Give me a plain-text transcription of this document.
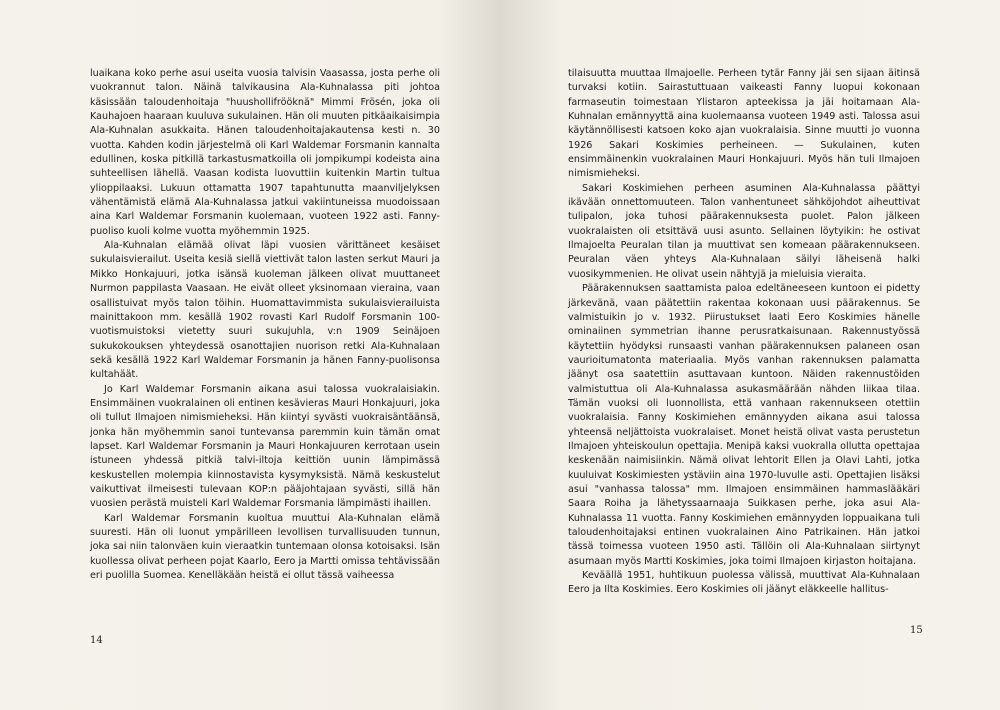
luaikana koko perhe asui useita vuosia talvisin Vaasassa, josta perhe oli vuokrannut talon. Näinä talvikausina Ala-Kuhnalassa piti johtoa käsissään taloudenhoitaja "huushollifrööknä" Mimmi Frösén, joka oli Kauhajoen haaraan kuuluva sukulainen. Hän oli muuten pitkäaikaisimpia Ala-Kuhnalan asukkaita. Hänen taloudenhoitajakautensa kesti n. 30 vuotta. Kahden kodin järjestelmä oli Karl Waldemar Forsmanin kannalta edullinen, koska pitkillä tarkastusmatkoilla oli jompikumpi kodeista aina suhteellisen lähellä. Vaasan kodista luovuttiin kuitenkin Martin tultua ylioppilaaksi. Lukuun ottamatta 1907 tapahtunutta maanviljelyksen vähentämistä elämä Ala-Kuhnalassa jatkui vakiintuneissa muodoissaan aina Karl Waldemar Forsmanin kuolemaan, vuoteen 1922 asti. Fanny-puoliso kuoli kolme vuotta myöhemmin 1925.

Ala-Kuhnalan elämää olivat läpi vuosien värittäneet kesäiset sukulaisvierailut. Useita kesiä siellä viettivät talon lasten serkut Mauri ja Mikko Honkajuuri, jotka isänsä kuoleman jälkeen olivat muuttaneet Nurmon pappilasta Vaasaan. He eivät olleet yksinomaan vieraina, vaan osallistuivat myös talon töihin. Huomattavimmista sukulaisvierailuista mainittakoon mm. kesällä 1902 rovasti Karl Rudolf Forsmanin 100-vuotismuistoksi vietetty suuri sukujuhla, v:n 1909 Seinäjoen sukukokouksen yhteydessä osanottajien nuorison retki Ala-Kuhnalaan sekä kesällä 1922 Karl Waldemar Forsmanin ja hänen Fanny-puolisonsa kultahäät.

Jo Karl Waldemar Forsmanin aikana asui talossa vuokralaisiakin. Ensimmäinen vuokralainen oli entinen kesävieras Mauri Honkajuuri, joka oli tullut Ilmajoen nimismieheksi. Hän kiintyi syvästi vuokraisäntäänsä, jonka hän myöhemmin sanoi tuntevansa paremmin kuin tämän omat lapset. Karl Waldemar Forsmanin ja Mauri Honkajuuren kerrotaan usein istuneen yhdessä pitkiä talvi-iltoja keittiön uunin lämpimässä keskustellen molempia kiinnostavista kysymyksistä. Nämä keskustelut vaikuttivat ilmeisesti tulevaan KOP:n pääjohtajaan syvästi, sillä hän vuosien perästä muisteli Karl Waldemar Forsmania lämpimästi ihaillen.

Karl Waldemar Forsmanin kuoltua muuttui Ala-Kuhnalan elämä suuresti. Hän oli luonut ympärilleen levollisen turvallisuuden tunnun, joka sai niin talonväen kuin vieraatkin tuntemaan olonsa kotoisaksi. Isän kuollessa olivat perheen pojat Kaarlo, Eero ja Martti omissa tehtävissään eri puolilla Suomea. Kenelläkään heistä ei ollut tässä vaiheessa

14

tilaisuutta muuttaa Ilmajoelle. Perheen tytär Fanny jäi sen sijaan äitinsä turvaksi kotiin. Sairastuttuaan vaikeasti Fanny luopui kokonaan farmaseutin toimestaan Ylistaron apteekissa ja jäi hoitamaan Ala-Kuhnalan emännyyttä aina kuolemaansa vuoteen 1949 asti. Talossa asui käytännöllisesti katsoen koko ajan vuokralaisia. Sinne muutti jo vuonna 1926 Sakari Koskimies perheineen. — Sukulainen, kuten ensimmäinenkin vuokralainen Mauri Honkajuuri. Myös hän tuli Ilmajoen nimismieheksi.

Sakari Koskimiehen perheen asuminen Ala-Kuhnalassa päättyi ikävään onnettomuuteen. Talon vanhentuneet sähköjohdot aiheuttivat tulipalon, joka tuhosi päärakennuksesta puolet. Palon jälkeen vuokralaisten oli etsittävä uusi asunto. Sellainen löytyikin: he ostivat Ilmajoelta Peuralan tilan ja muuttivat sen komeaan päärakennukseen. Peuralan väen yhteys Ala-Kuhnalaan säilyi läheisenä halki vuosikymmenien. He olivat usein nähtyjä ja mieluisia vieraita.

Päärakennuksen saattamista paloa edeltäneeseen kuntoon ei pidetty järkevänä, vaan päätettiin rakentaa kokonaan uusi päärakennus. Se valmistuikin jo v. 1932. Piirustukset laati Eero Koskimies hänelle ominaiinen symmetrian ihanne perusratkaisunaan. Rakennustyössä käytettiin hyödyksi runsaasti vanhan päärakennuksen palaneen osan vaurioitumatonta materiaalia. Myös vanhan rakennuksen palamatta jäänyt osa saatettiin asuttavaan kuntoon. Näiden rakennustöiden valmistuttua oli Ala-Kuhnalassa asukasmäärään nähden liikaa tilaa. Tämän vuoksi oli luonnollista, että vanhaan rakennukseen otettiin vuokralaisia. Fanny Koskimiehen emännyyden aikana asui talossa yhteensä neljättoista vuokralaiset. Monet heistä olivat vasta perustetun Ilmajoen yhteiskoulun opettajia. Menipä kaksi vuokralla ollutta opettajaa keskenään naimisiinkin. Nämä olivat lehtorit Ellen ja Olavi Lahti, jotka kuuluivat Koskimiesten ystäviin aina 1970-luvulle asti. Opettajien lisäksi asui "vanhassa talossa" mm. Ilmajoen ensimmäinen hammaslääkäri Saara Roiha ja lähetyssaarnaaja Suikkasen perhe, joka asui Ala-Kuhnalassa 11 vuotta. Fanny Koskimiehen emännyyden loppuaikana tuli taloudenhoitajaksi entinen vuokralainen Aino Patrikainen. Hän jatkoi tässä toimessa vuoteen 1950 asti. Tällöin oli Ala-Kuhnalaan siirtynyt asumaan myös Martti Koskimies, joka toimi Ilmajoen kirjaston hoitajana.

Keväällä 1951, huhtikuun puolessa välissä, muuttivat Ala-Kuhnalaan Eero ja Ilta Koskimies. Eero Koskimies oli jäänyt eläkkeelle hallitus-

15
